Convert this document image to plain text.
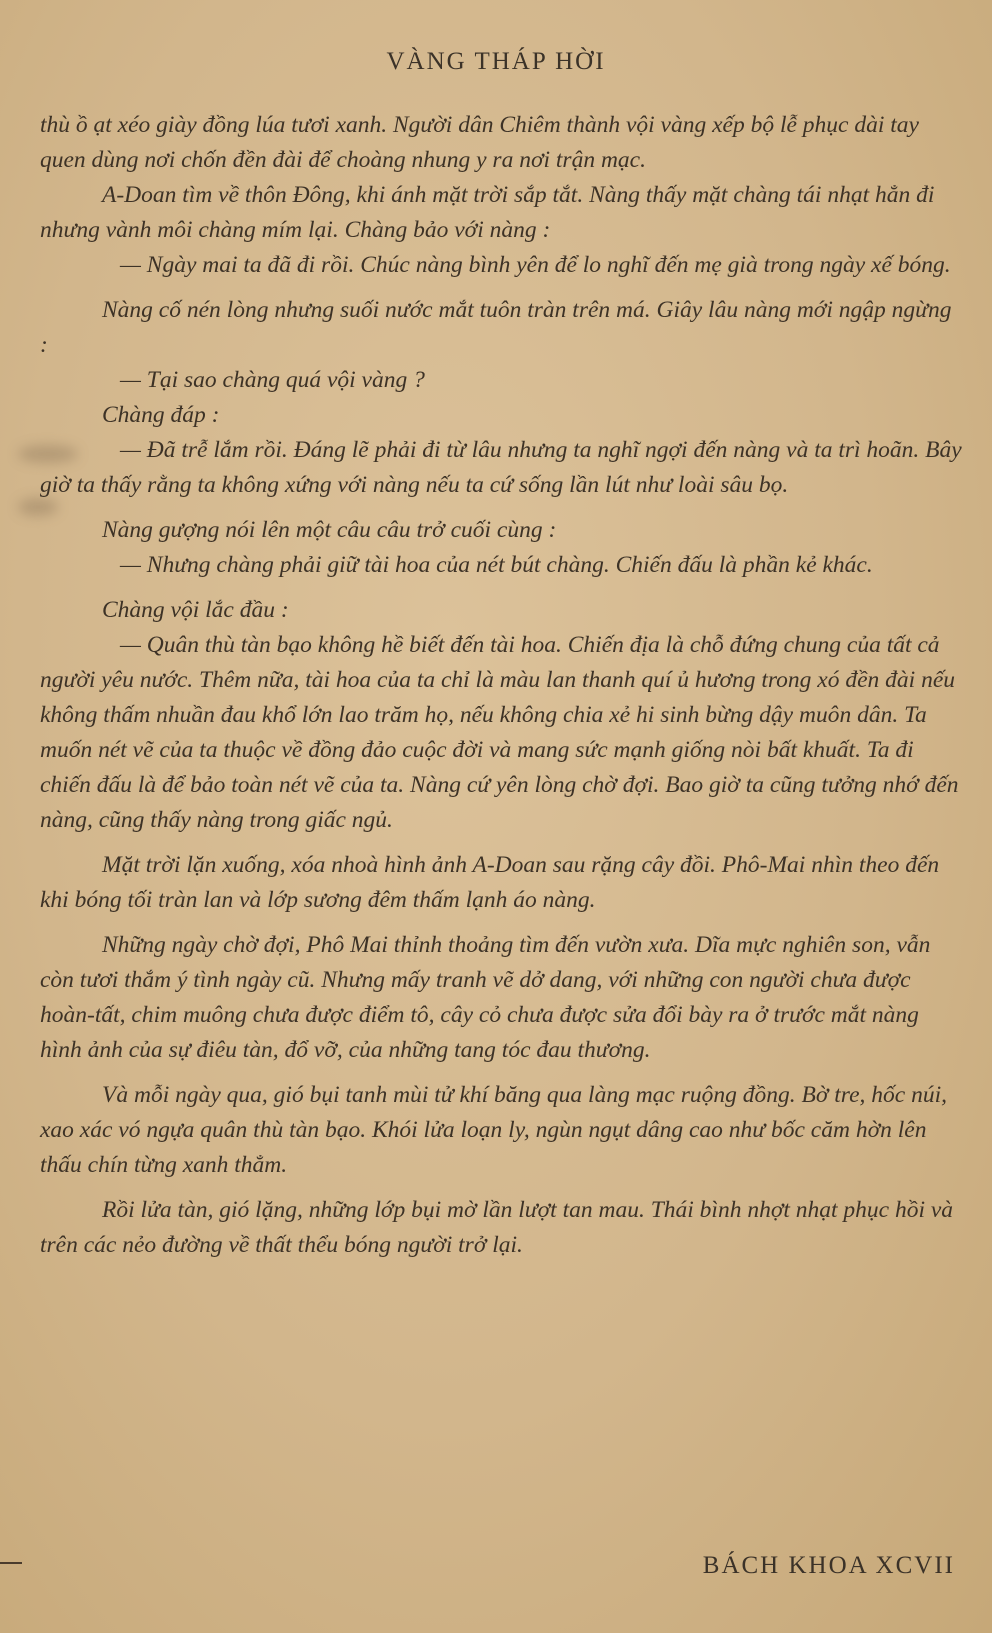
VÀNG THÁP HỜI

thù ồ ạt xéo giày đồng lúa tươi xanh. Người dân Chiêm thành vội vàng xếp bộ lễ phục dài tay quen dùng nơi chốn đền đài để choàng nhung y ra nơi trận mạc.

A-Doan tìm về thôn Đông, khi ánh mặt trời sắp tắt. Nàng thấy mặt chàng tái nhạt hẳn đi nhưng vành môi chàng mím lại. Chàng bảo với nàng :

— Ngày mai ta đã đi rồi. Chúc nàng bình yên để lo nghĩ đến mẹ già trong ngày xế bóng.

Nàng cố nén lòng nhưng suối nước mắt tuôn tràn trên má. Giây lâu nàng mới ngập ngừng :

— Tại sao chàng quá vội vàng ?

Chàng đáp :

— Đã trễ lắm rồi. Đáng lẽ phải đi từ lâu nhưng ta nghĩ ngợi đến nàng và ta trì hoãn. Bây giờ ta thấy rằng ta không xứng với nàng nếu ta cứ sống lần lút như loài sâu bọ.

Nàng gượng nói lên một câu câu trở cuối cùng :

— Nhưng chàng phải giữ tài hoa của nét bút chàng. Chiến đấu là phần kẻ khác.

Chàng vội lắc đầu :

— Quân thù tàn bạo không hề biết đến tài hoa. Chiến địa là chỗ đứng chung của tất cả người yêu nước. Thêm nữa, tài hoa của ta chỉ là màu lan thanh quí ủ hương trong xó đền đài nếu không thấm nhuần đau khổ lớn lao trăm họ, nếu không chia xẻ hi sinh bừng dậy muôn dân. Ta muốn nét vẽ của ta thuộc về đồng đảo cuộc đời và mang sức mạnh giống nòi bất khuất. Ta đi chiến đấu là để bảo toàn nét vẽ của ta. Nàng cứ yên lòng chờ đợi. Bao giờ ta cũng tưởng nhớ đến nàng, cũng thấy nàng trong giấc ngủ.

Mặt trời lặn xuống, xóa nhoà hình ảnh A-Doan sau rặng cây đồi. Phô-Mai nhìn theo đến khi bóng tối tràn lan và lớp sương đêm thấm lạnh áo nàng.

Những ngày chờ đợi, Phô Mai thỉnh thoảng tìm đến vườn xưa. Dĩa mực nghiên son, vẫn còn tươi thắm ý tình ngày cũ. Nhưng mấy tranh vẽ dở dang, với những con người chưa được hoàn-tất, chim muông chưa được điểm tô, cây cỏ chưa được sửa đổi bày ra ở trước mắt nàng hình ảnh của sự điêu tàn, đổ vỡ, của những tang tóc đau thương.

Và mỗi ngày qua, gió bụi tanh mùi tử khí băng qua làng mạc ruộng đồng. Bờ tre, hốc núi, xao xác vó ngựa quân thù tàn bạo. Khói lửa loạn ly, ngùn ngụt dâng cao như bốc căm hờn lên thấu chín từng xanh thẳm.

Rồi lửa tàn, gió lặng, những lớp bụi mờ lần lượt tan mau. Thái bình nhợt nhạt phục hồi và trên các nẻo đường về thất thểu bóng người trở lại.

BÁCH KHOA XCVII
